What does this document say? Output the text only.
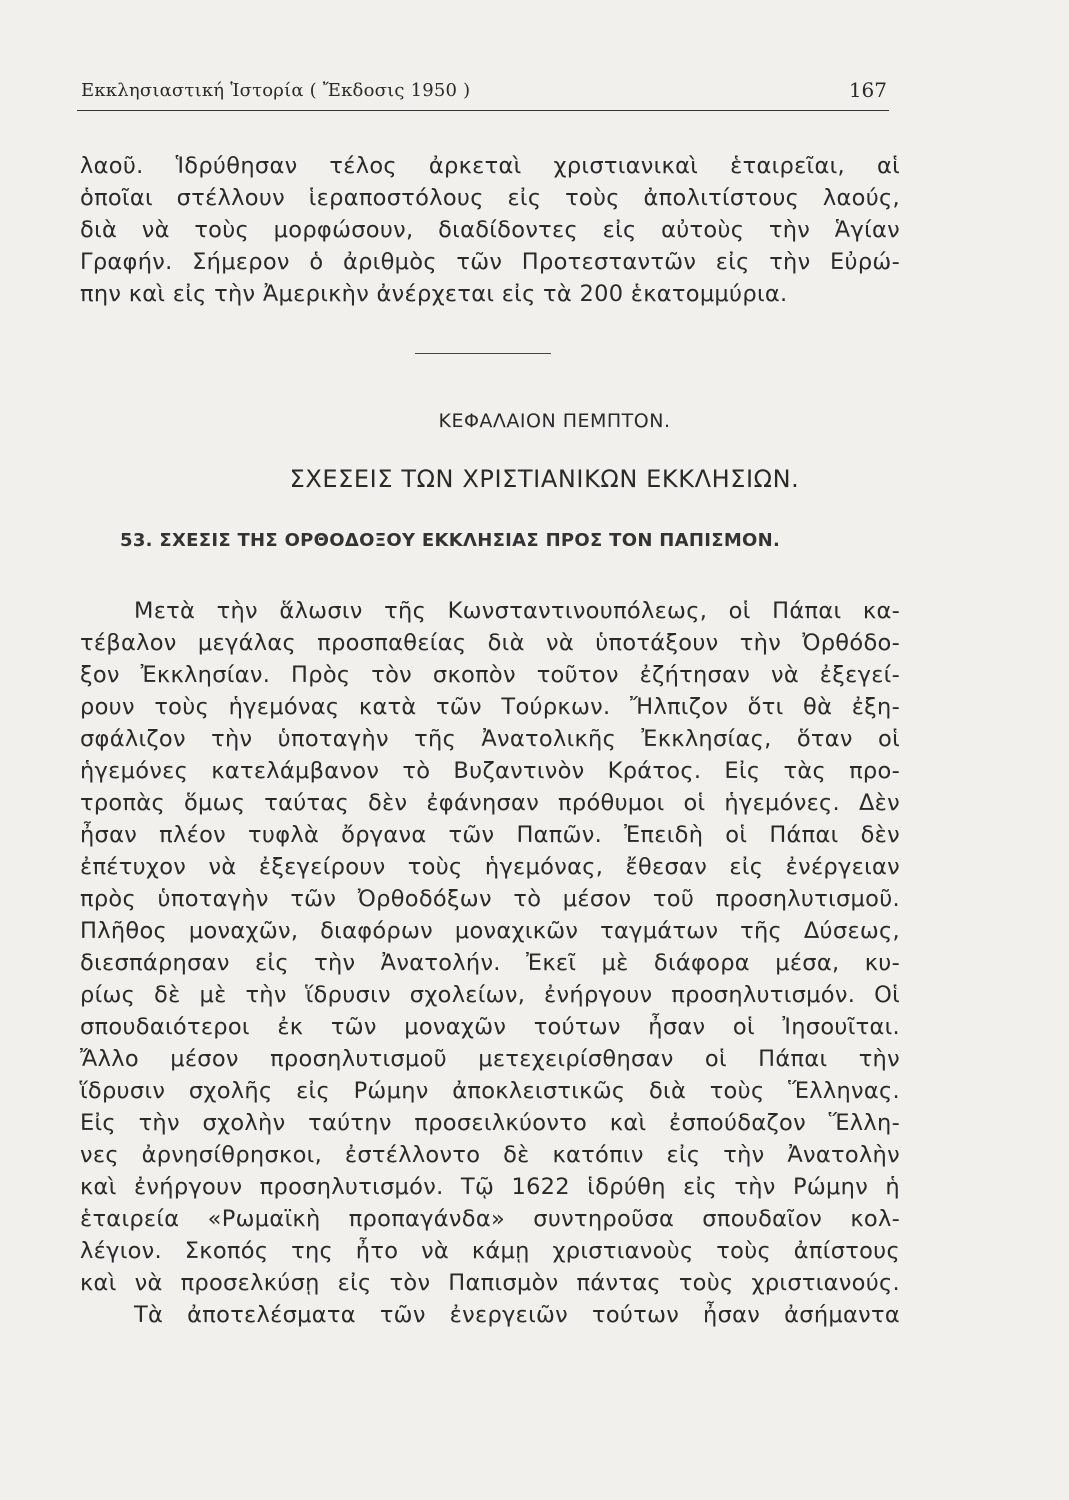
Εκκλησιαστική Ἱστορία ( Ἔκδοσις 1950 )	167
λαοῦ. Ἱδρύθησαν τέλος ἀρκεταὶ χριστιανικαὶ ἑταιρεῖαι, αἱ
ὁποῖαι στέλλουν ἱεραποστόλους εἰς τοὺς ἀπολιτίστους λαούς,
διὰ νὰ τοὺς μορφώσουν, διαδίδοντες εἰς αὐτοὺς τὴν Ἁγίαν
Γραφήν. Σήμερον ὁ ἀριθμὸς τῶν Προτεσταντῶν εἰς τὴν Εὐρώ-
πην καὶ εἰς τὴν Ἀμερικὴν ἀνέρχεται εἰς τὰ 200 ἑκατομμύρια.
ΚΕΦΑΛΑΙΟΝ ΠΕΜΠΤΟΝ.
ΣΧΕΣΕΙΣ ΤΩΝ ΧΡΙΣΤΙΑΝΙΚΩΝ ΕΚΚΛΗΣΙΩΝ.
53. ΣΧΕΣΙΣ ΤΗΣ ΟΡΘΟΔΟΞΟΥ ΕΚΚΛΗΣΙΑΣ ΠΡΟΣ ΤΟΝ ΠΑΠΙΣΜΟΝ.
Μετὰ τὴν ἅλωσιν τῆς Κωνσταντινουπόλεως, οἱ Πάπαι κα-
τέβαλον μεγάλας προσπαθείας διὰ νὰ ὑποτάξουν τὴν Ὀρθόδο-
ξον Ἐκκλησίαν. Πρὸς τὸν σκοπὸν τοῦτον ἐζήτησαν νὰ ἐξεγεί-
ρουν τοὺς ἡγεμόνας κατὰ τῶν Τούρκων. Ἤλπιζον ὅτι θὰ ἐξη-
σφάλιζον τὴν ὑποταγὴν τῆς Ἀνατολικῆς Ἐκκλησίας, ὅταν οἱ
ἡγεμόνες κατελάμβανον τὸ Βυζαντινὸν Κράτος. Εἰς τὰς προ-
τροπὰς ὅμως ταύτας δὲν ἐφάνησαν πρόθυμοι οἱ ἡγεμόνες. Δὲν
ἦσαν πλέον τυφλὰ ὄργανα τῶν Παπῶν. Ἐπειδὴ οἱ Πάπαι δὲν
ἐπέτυχον νὰ ἐξεγείρουν τοὺς ἡγεμόνας, ἔθεσαν εἰς ἐνέργειαν
πρὸς ὑποταγὴν τῶν Ὀρθοδόξων τὸ μέσον τοῦ προσηλυτισμοῦ.
Πλῆθος μοναχῶν, διαφόρων μοναχικῶν ταγμάτων τῆς Δύσεως,
διεσπάρησαν εἰς τὴν Ἀνατολήν. Ἐκεῖ μὲ διάφορα μέσα, κυ-
ρίως δὲ μὲ τὴν ἵδρυσιν σχολείων, ἐνήργουν προσηλυτισμόν. Οἱ
σπουδαιότεροι ἐκ τῶν μοναχῶν τούτων ἦσαν οἱ Ἰησουῖται.
Ἄλλο μέσον προσηλυτισμοῦ μετεχειρίσθησαν οἱ Πάπαι τὴν
ἵδρυσιν σχολῆς εἰς Ρώμην ἀποκλειστικῶς διὰ τοὺς Ἕλληνας.
Εἰς τὴν σχολὴν ταύτην προσειλκύοντο καὶ ἐσπούδαζον Ἕλλη-
νες ἀρνησίθρησκοι, ἐστέλλοντο δὲ κατόπιν εἰς τὴν Ἀνατολὴν
καὶ ἐνήργουν προσηλυτισμόν. Τῷ 1622 ἱδρύθη εἰς τὴν Ρώμην ἡ
ἑταιρεία «Ρωμαϊκὴ προπαγάνδα» συντηροῦσα σπουδαῖον κολ-
λέγιον. Σκοπός της ἦτο νὰ κάμῃ χριστιανοὺς τοὺς ἀπίστους
καὶ νὰ προσελκύσῃ εἰς τὸν Παπισμὸν πάντας τοὺς χριστιανούς.
Τὰ ἀποτελέσματα τῶν ἐνεργειῶν τούτων ἦσαν ἀσήμαντα
